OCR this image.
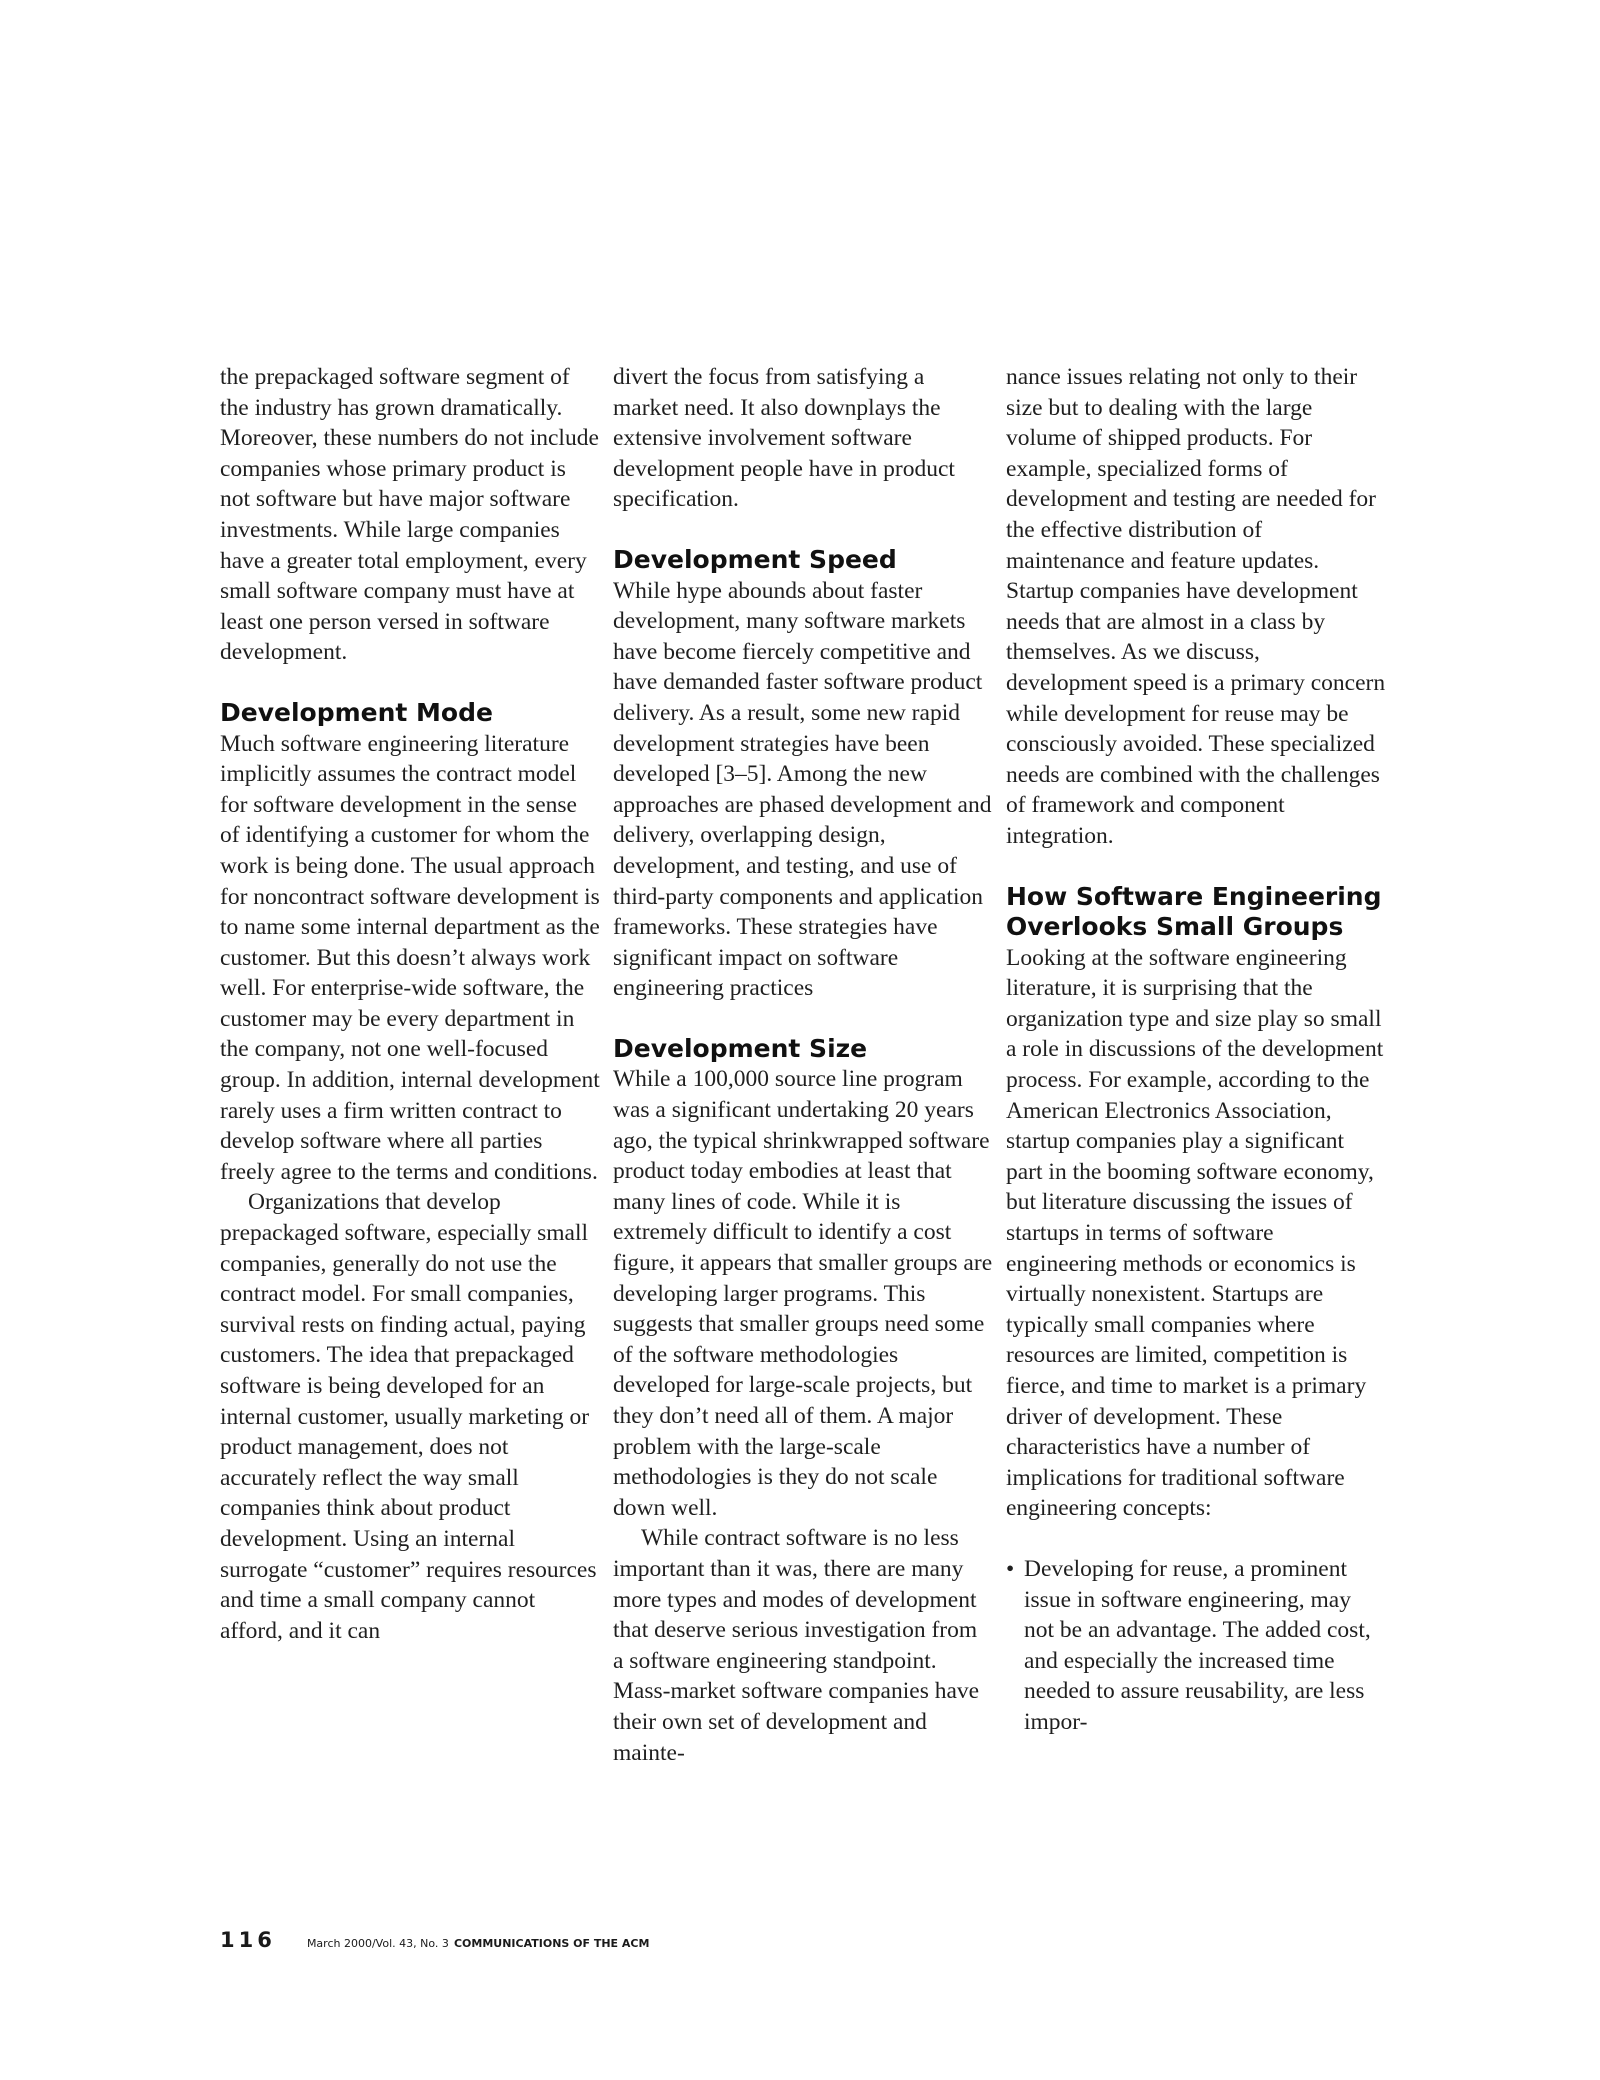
the prepackaged software segment of the industry has grown dramatically. Moreover, these numbers do not include companies whose primary product is not software but have major software investments. While large companies have a greater total employment, every small software company must have at least one person versed in software development.

Development Mode

Much software engineering literature implicitly assumes the contract model for software development in the sense of identifying a customer for whom the work is being done. The usual approach for noncontract software development is to name some internal department as the customer. But this doesn’t always work well. For enterprise-wide software, the customer may be every department in the company, not one well-focused group. In addition, internal development rarely uses a firm written contract to develop software where all parties freely agree to the terms and conditions.

Organizations that develop prepackaged software, especially small companies, generally do not use the contract model. For small companies, survival rests on finding actual, paying customers. The idea that prepackaged software is being developed for an internal customer, usually marketing or product management, does not accurately reflect the way small companies think about product development. Using an internal surrogate “customer” requires resources and time a small company cannot afford, and it can

divert the focus from satisfying a market need. It also downplays the extensive involvement software development people have in product specification.

Development Speed

While hype abounds about faster development, many software markets have become fiercely competitive and have demanded faster software product delivery. As a result, some new rapid development strategies have been developed [3–5]. Among the new approaches are phased development and delivery, overlapping design, development, and testing, and use of third-party components and application frameworks. These strategies have significant impact on software engineering practices

Development Size

While a 100,000 source line program was a significant undertaking 20 years ago, the typical shrinkwrapped software product today embodies at least that many lines of code. While it is extremely difficult to identify a cost figure, it appears that smaller groups are developing larger programs. This suggests that smaller groups need some of the software methodologies developed for large-scale projects, but they don’t need all of them. A major problem with the large-scale methodologies is they do not scale down well.

While contract software is no less important than it was, there are many more types and modes of development that deserve serious investigation from a software engineering standpoint. Mass-market software companies have their own set of development and mainte-

nance issues relating not only to their size but to dealing with the large volume of shipped products. For example, specialized forms of development and testing are needed for the effective distribution of maintenance and feature updates. Startup companies have development needs that are almost in a class by themselves. As we discuss, development speed is a primary concern while development for reuse may be consciously avoided. These specialized needs are combined with the challenges of framework and component integration.

How Software Engineering Overlooks Small Groups

Looking at the software engineering literature, it is surprising that the organization type and size play so small a role in discussions of the development process. For example, according to the American Electronics Association, startup companies play a significant part in the booming software economy, but literature discussing the issues of startups in terms of software engineering methods or economics is virtually nonexistent. Startups are typically small companies where resources are limited, competition is fierce, and time to market is a primary driver of development. These characteristics have a number of implications for traditional software engineering concepts:

• Developing for reuse, a prominent issue in software engineering, may not be an advantage. The added cost, and especially the increased time needed to assure reusability, are less impor-

116	March 2000/Vol. 43, No. 3 COMMUNICATIONS OF THE ACM
